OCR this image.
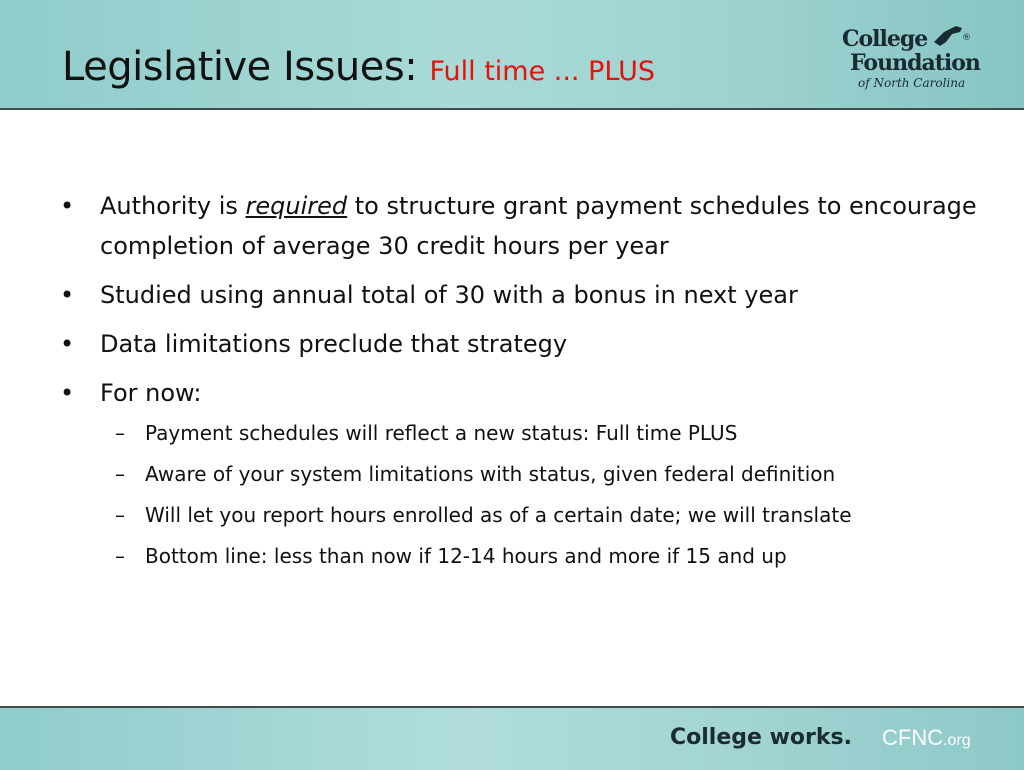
Legislative Issues: Full time ... PLUS
College	®
Foundation
of North Carolina
• Authority is required to structure grant payment schedules to encourage completion of average 30 credit hours per year
• Studied using annual total of 30 with a bonus in next year
• Data limitations preclude that strategy
• For now:
– Payment schedules will reflect a new status: Full time PLUS
– Aware of your system limitations with status, given federal definition
– Will let you report hours enrolled as of a certain date; we will translate
– Bottom line: less than now if 12-14 hours and more if 15 and up
College works. CFNC.org
